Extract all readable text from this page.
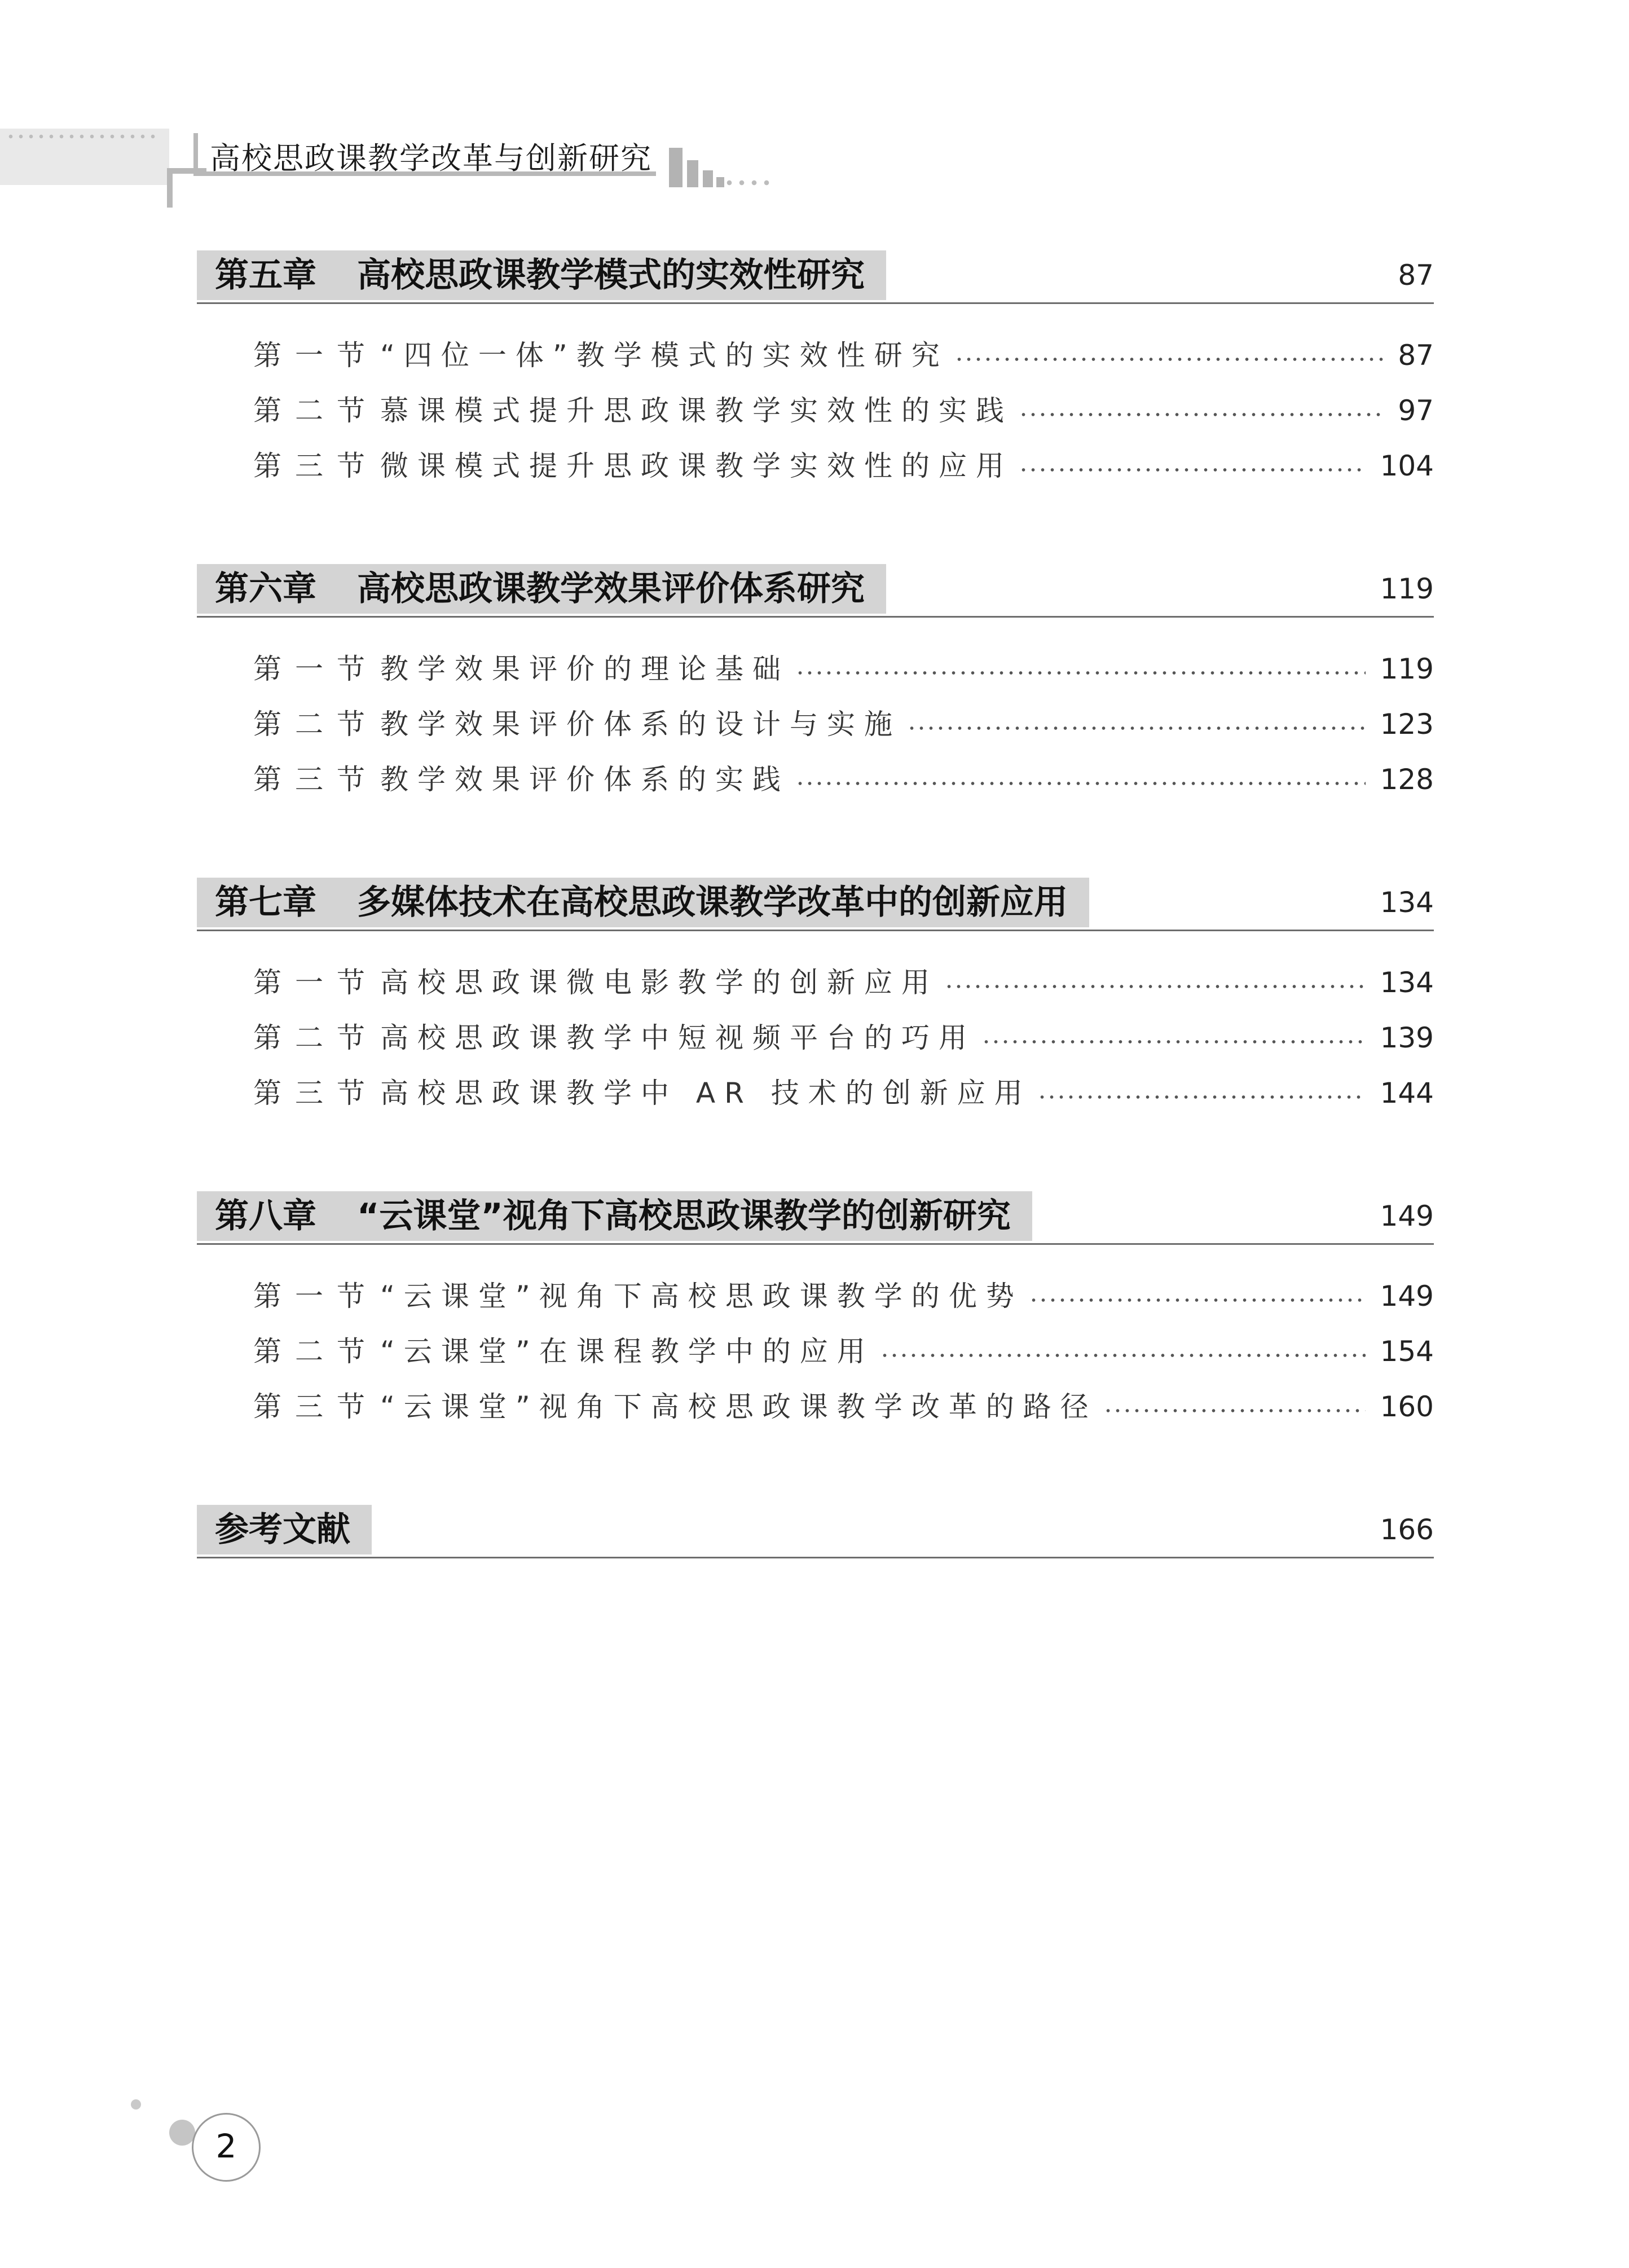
高校思政课教学改革与创新研究
第五章 高校思政课教学模式的实效性研究	87
第一节 “四位一体”教学模式的实效性研究	87
第二节 慕课模式提升思政课教学实效性的实践	97
第三节 微课模式提升思政课教学实效性的应用	104
第六章 高校思政课教学效果评价体系研究	119
第一节 教学效果评价的理论基础	119
第二节 教学效果评价体系的设计与实施	123
第三节 教学效果评价体系的实践	128
第七章 多媒体技术在高校思政课教学改革中的创新应用	134
第一节 高校思政课微电影教学的创新应用	134
第二节 高校思政课教学中短视频平台的巧用	139
第三节 高校思政课教学中 AR 技术的创新应用	144
第八章 “云课堂”视角下高校思政课教学的创新研究	149
第一节 “云课堂”视角下高校思政课教学的优势	149
第二节 “云课堂”在课程教学中的应用	154
第三节 “云课堂”视角下高校思政课教学改革的路径	160
参考文献	166
2
